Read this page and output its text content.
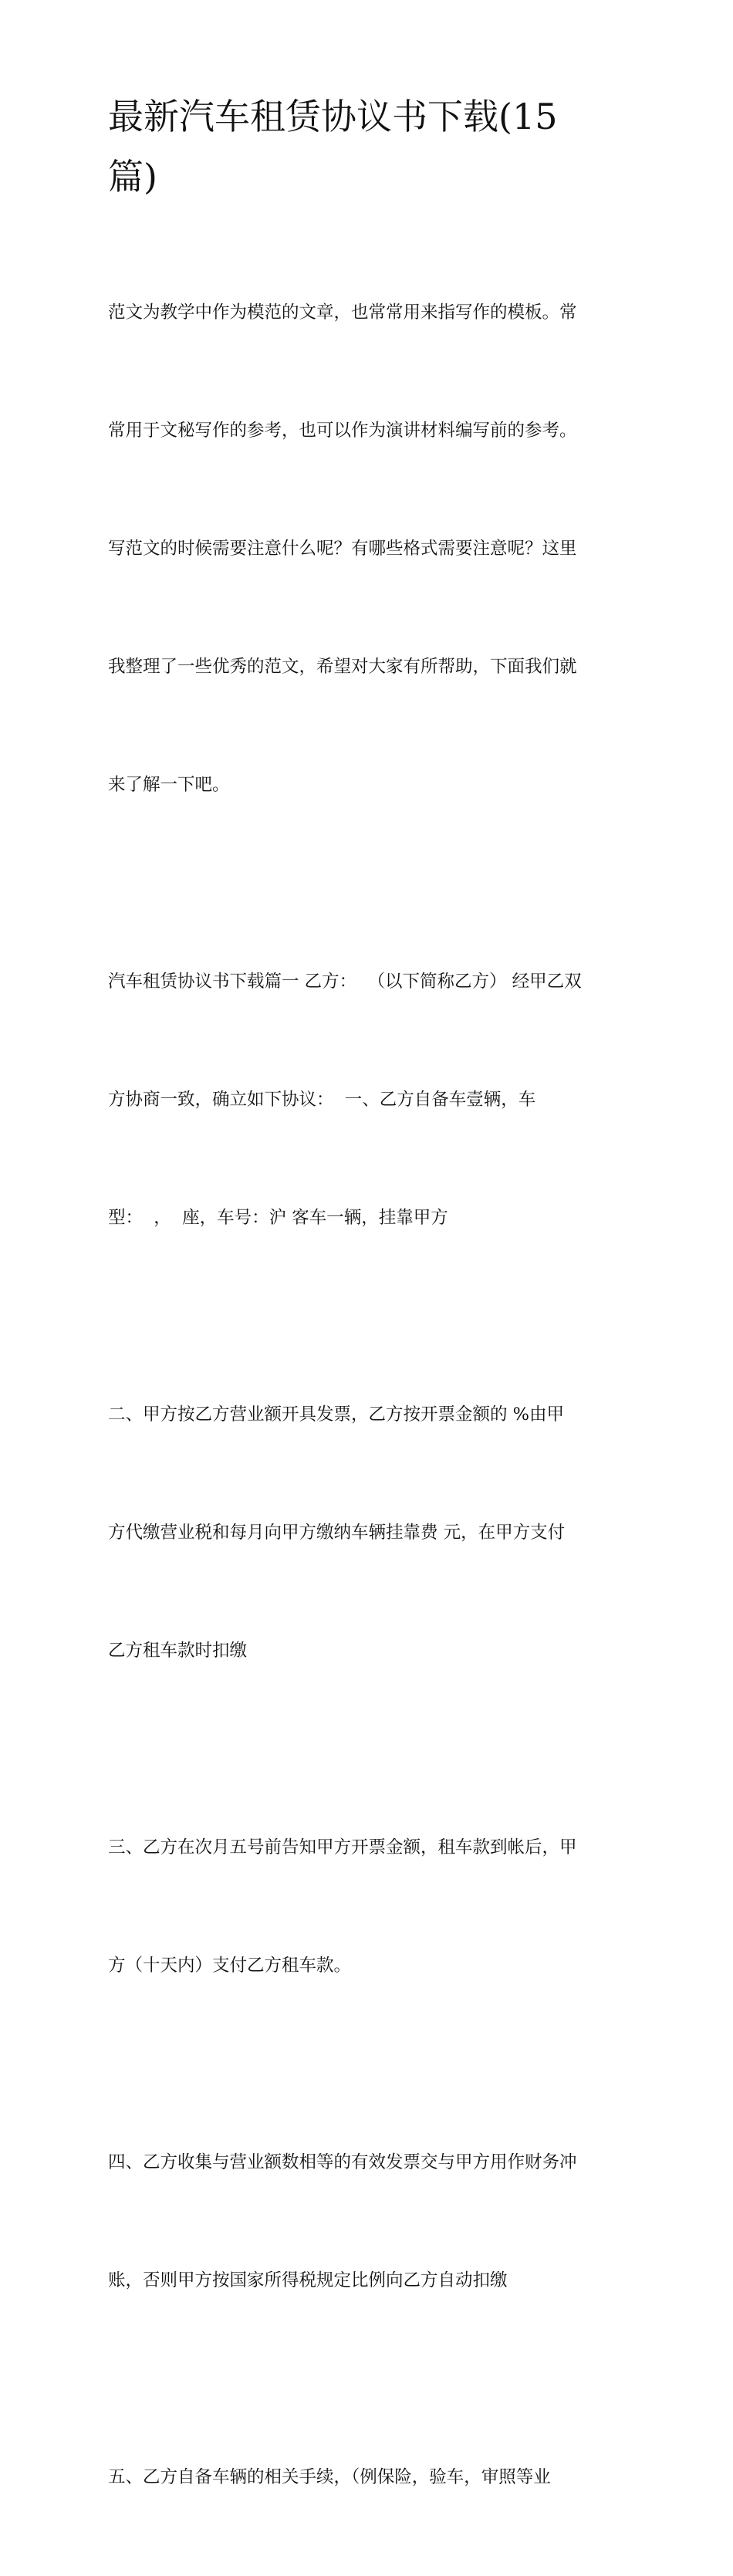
最新汽车租赁协议书下载(15
篇)

范文为教学中作为模范的文章，也常常用来指写作的模板。常

常用于文秘写作的参考，也可以作为演讲材料编写前的参考。

写范文的时候需要注意什么呢？有哪些格式需要注意呢？这里

我整理了一些优秀的范文，希望对大家有所帮助，下面我们就

来了解一下吧。

汽车租赁协议书下载篇一 乙方：  （以下简称乙方） 经甲乙双

方协商一致，确立如下协议：  一、乙方自备车壹辆，车

型：  ，  座，车号：沪 客车一辆，挂靠甲方

二、甲方按乙方营业额开具发票，乙方按开票金额的 %由甲

方代缴营业税和每月向甲方缴纳车辆挂靠费 元，在甲方支付

乙方租车款时扣缴

三、乙方在次月五号前告知甲方开票金额，租车款到帐后，甲

方（十天内）支付乙方租车款。

四、乙方收集与营业额数相等的有效发票交与甲方用作财务冲

账，否则甲方按国家所得税规定比例向乙方自动扣缴

五、乙方自备车辆的相关手续，（例保险，验车，审照等业
